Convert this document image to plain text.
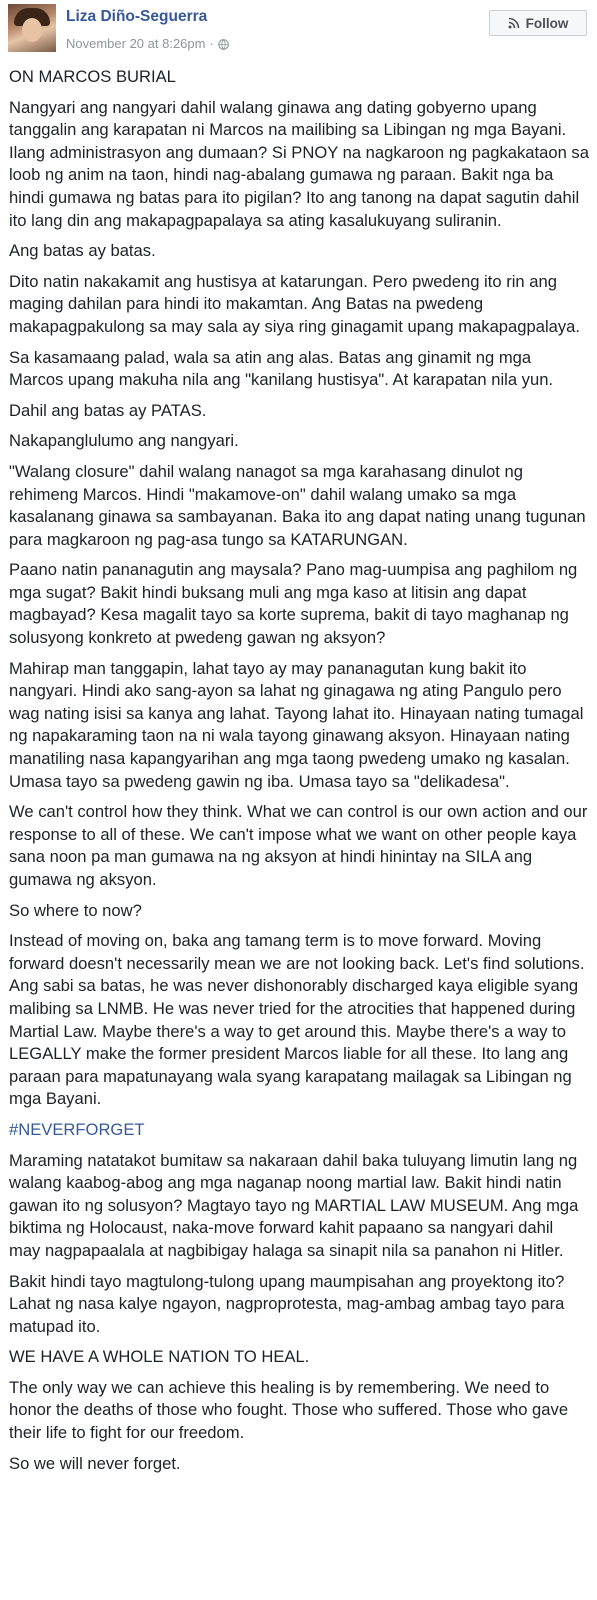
Liza Diño-Seguerra
November 20 at 8:26pm ·
Follow

ON MARCOS BURIAL

Nangyari ang nangyari dahil walang ginawa ang dating gobyerno upang tanggalin ang karapatan ni Marcos na mailibing sa Libingan ng mga Bayani. Ilang administrasyon ang dumaan? Si PNOY na nagkaroon ng pagkakataon sa loob ng anim na taon, hindi nag-abalang gumawa ng paraan. Bakit nga ba hindi gumawa ng batas para ito pigilan? Ito ang tanong na dapat sagutin dahil ito lang din ang makapagpapalaya sa ating kasalukuyang suliranin.

Ang batas ay batas.

Dito natin nakakamit ang hustisya at katarungan. Pero pwedeng ito rin ang maging dahilan para hindi ito makamtan. Ang Batas na pwedeng makapagpakulong sa may sala ay siya ring ginagamit upang makapagpalaya.

Sa kasamaang palad, wala sa atin ang alas. Batas ang ginamit ng mga Marcos upang makuha nila ang "kanilang hustisya". At karapatan nila yun.

Dahil ang batas ay PATAS.

Nakapanglulumo ang nangyari.

"Walang closure" dahil walang nanagot sa mga karahasang dinulot ng rehimeng Marcos. Hindi "makamove-on" dahil walang umako sa mga kasalanang ginawa sa sambayanan. Baka ito ang dapat nating unang tugunan para magkaroon ng pag-asa tungo sa KATARUNGAN.

Paano natin pananagutin ang maysala? Pano mag-uumpisa ang paghilom ng mga sugat? Bakit hindi buksang muli ang mga kaso at litisin ang dapat magbayad? Kesa magalit tayo sa korte suprema, bakit di tayo maghanap ng solusyong konkreto at pwedeng gawan ng aksyon?

Mahirap man tanggapin, lahat tayo ay may pananagutan kung bakit ito nangyari. Hindi ako sang-ayon sa lahat ng ginagawa ng ating Pangulo pero wag nating isisi sa kanya ang lahat. Tayong lahat ito. Hinayaan nating tumagal ng napakaraming taon na ni wala tayong ginawang aksyon. Hinayaan nating manatiling nasa kapangyarihan ang mga taong pwedeng umako ng kasalan. Umasa tayo sa pwedeng gawin ng iba. Umasa tayo sa "delikadesa".

We can't control how they think. What we can control is our own action and our response to all of these. We can't impose what we want on other people kaya sana noon pa man gumawa na ng aksyon at hindi hinintay na SILA ang gumawa ng aksyon.

So where to now?

Instead of moving on, baka ang tamang term is to move forward. Moving forward doesn't necessarily mean we are not looking back. Let's find solutions. Ang sabi sa batas, he was never dishonorably discharged kaya eligible syang malibing sa LNMB. He was never tried for the atrocities that happened during Martial Law. Maybe there's a way to get around this. Maybe there's a way to LEGALLY make the former president Marcos liable for all these. Ito lang ang paraan para mapatunayang wala syang karapatang mailagak sa Libingan ng mga Bayani.

#NEVERFORGET

Maraming natatakot bumitaw sa nakaraan dahil baka tuluyang limutin lang ng walang kaabog-abog ang mga naganap noong martial law. Bakit hindi natin gawan ito ng solusyon? Magtayo tayo ng MARTIAL LAW MUSEUM. Ang mga biktima ng Holocaust, naka-move forward kahit papaano sa nangyari dahil may nagpapaalala at nagbibigay halaga sa sinapit nila sa panahon ni Hitler.

Bakit hindi tayo magtulong-tulong upang maumpisahan ang proyektong ito? Lahat ng nasa kalye ngayon, nagproprotesta, mag-ambag ambag tayo para matupad ito.

WE HAVE A WHOLE NATION TO HEAL.

The only way we can achieve this healing is by remembering. We need to honor the deaths of those who fought. Those who suffered. Those who gave their life to fight for our freedom.

So we will never forget.
